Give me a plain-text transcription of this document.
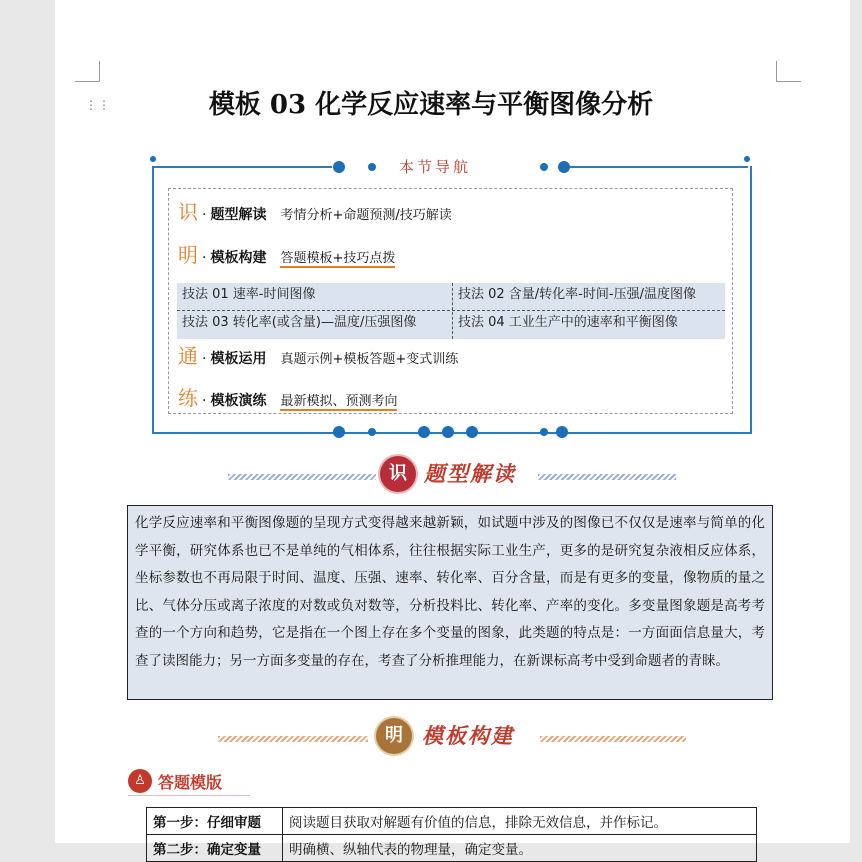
⋮⋮	模板 03 化学反应速率与平衡图像分析
本节导航
识 · 题型解读 考情分析+命题预测/技巧解读
明 · 模板构建 答题模板+技巧点拨
技法 01 速率-时间图像	技法 02 含量/转化率-时间-压强/温度图像
技法 03 转化率(或含量)—温度/压强图像	技法 04 工业生产中的速率和平衡图像
通 · 模板运用 真题示例+模板答题+变式训练
练 · 模板演练 最新模拟、预测考向
识 题型解读
化学反应速率和平衡图像题的呈现方式变得越来越新颖，如试题中涉及的图像已不仅仅是速率与简单的化学平衡，研究体系也已不是单纯的气相体系，往往根据实际工业生产，更多的是研究复杂液相反应体系，坐标参数也不再局限于时间、温度、压强、速率、转化率、百分含量，而是有更多的变量，像物质的量之比、气体分压或离子浓度的对数或负对数等，分析投料比、转化率、产率的变化。多变量图象题是高考考查的一个方向和趋势，它是指在一个图上存在多个变量的图象，此类题的特点是：一方面面信息量大，考查了读图能力；另一方面多变量的存在，考查了分析推理能力，在新课标高考中受到命题者的青睐。
明 模板构建
♙ 答题模版
第一步：仔细审题	阅读题目获取对解题有价值的信息，排除无效信息，并作标记。
第二步：确定变量	明确横、纵轴代表的物理量，确定变量。
